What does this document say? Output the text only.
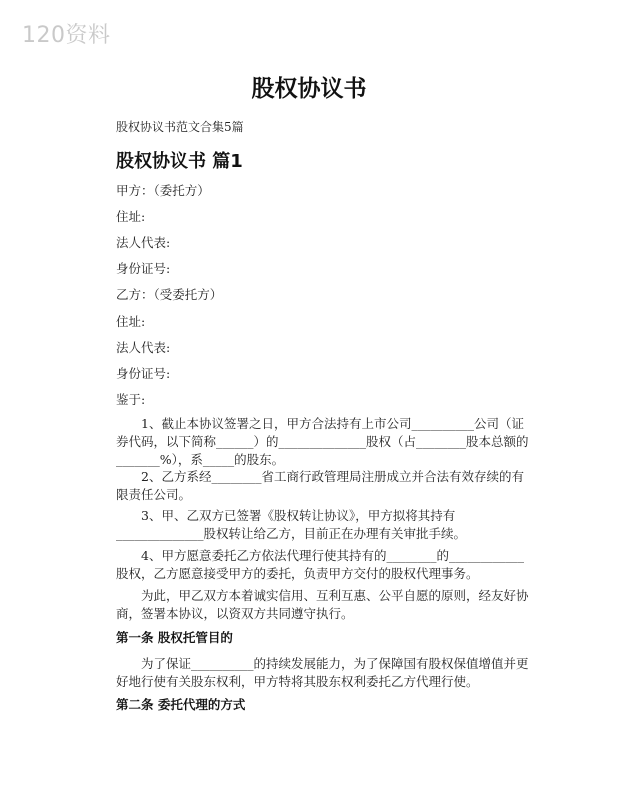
120资料
股权协议书
股权协议书范文合集5篇
股权协议书 篇1
甲方：（委托方）
住址:
法人代表:
身份证号:
乙方：（受委托方）
住址:
法人代表:
身份证号:
鉴于:

1、截止本协议签署之日，甲方合法持有上市公司__________公司（证券代码，以下简称______）的______________股权（占________股本总额的_______%），系_____的股东。

2、乙方系经________省工商行政管理局注册成立并合法有效存续的有限责任公司。

3、甲、乙双方已签署《股权转让协议》，甲方拟将其持有______________股权转让给乙方，目前正在办理有关审批手续。

4、甲方愿意委托乙方依法代理行使其持有的________的____________股权，乙方愿意接受甲方的委托，负责甲方交付的股权代理事务。

为此，甲乙双方本着诚实信用、互利互惠、公平自愿的原则，经友好协商，签署本协议，以资双方共同遵守执行。

第一条 股权托管目的

为了保证__________的持续发展能力，为了保障国有股权保值增值并更好地行使有关股东权利，甲方特将其股东权利委托乙方代理行使。

第二条 委托代理的方式
